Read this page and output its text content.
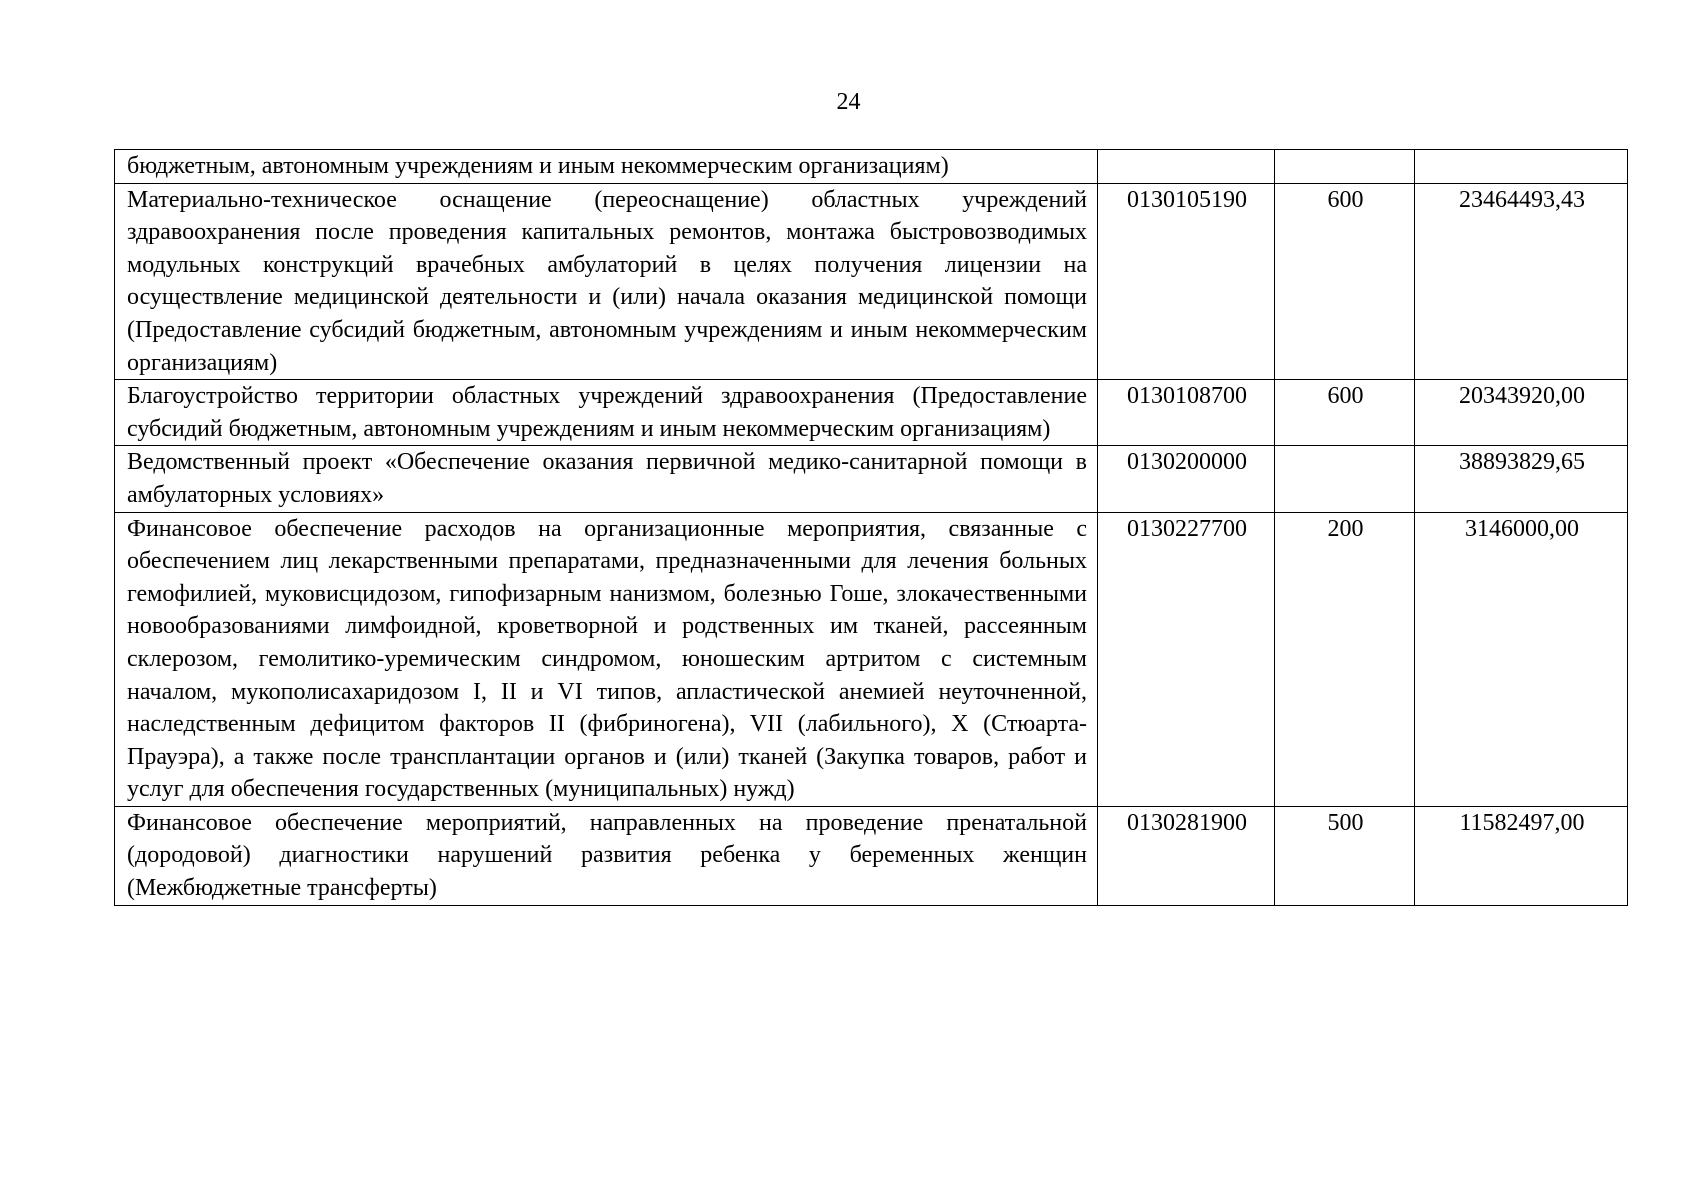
24
бюджетным, автономным учреждениям и иным некоммерческим организациям)			
Материально-техническое оснащение (переоснащение) областных учреждений здравоохранения после проведения капитальных ремонтов, монтажа быстровозводимых модульных конструкций врачебных амбулаторий в целях получения лицензии на осуществление медицинской деятельности и (или) начала оказания медицинской помощи (Предоставление субсидий бюджетным, автономным учреждениям и иным некоммерческим организациям)	0130105190	600	23464493,43
Благоустройство территории областных учреждений здравоохранения (Предоставление субсидий бюджетным, автономным учреждениям и иным некоммерческим организациям)	0130108700	600	20343920,00
Ведомственный проект «Обеспечение оказания первичной медико-санитарной помощи в амбулаторных условиях»	0130200000		38893829,65
Финансовое обеспечение расходов на организационные мероприятия, связанные с обеспечением лиц лекарственными препаратами, предназначенными для лечения больных гемофилией, муковисцидозом, гипофизарным нанизмом, болезнью Гоше, злокачественными новообразованиями лимфоидной, кроветворной и родственных им тканей, рассеянным склерозом, гемолитико-уремическим синдромом, юношеским артритом с системным началом, мукополисахаридозом I, II и VI типов, апластической анемией неуточненной, наследственным дефицитом факторов II (фибриногена), VII (лабильного), X (Стюарта-Прауэра), а также после трансплантации органов и (или) тканей (Закупка товаров, работ и услуг для обеспечения государственных (муниципальных) нужд)	0130227700	200	3146000,00
Финансовое обеспечение мероприятий, направленных на проведение пренатальной (дородовой) диагностики нарушений развития ребенка у беременных женщин (Межбюджетные трансферты)	0130281900	500	11582497,00
